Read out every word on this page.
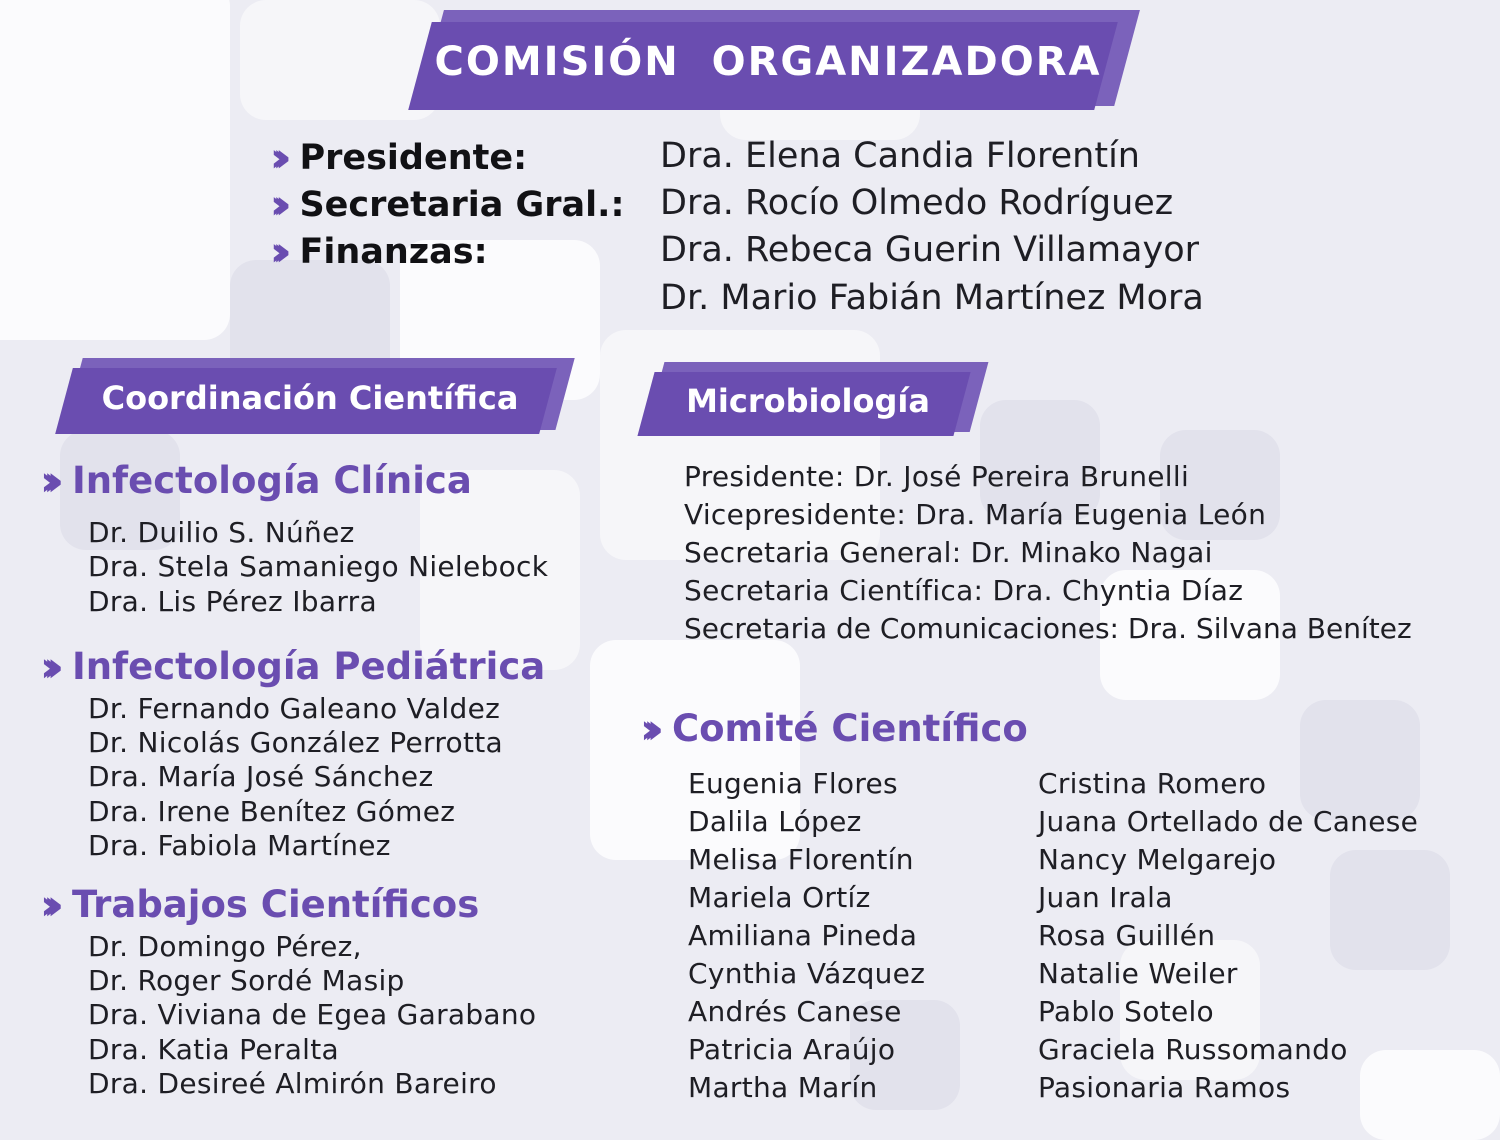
COMISIÓN  ORGANIZADORA
››› Presidente:	Dra. Elena Candia Florentín
››› Secretaria Gral.: Dra. Rocío Olmedo Rodríguez
››› Finanzas:	Dra. Rebeca Guerin Villamayor
Dr. Mario Fabián Martínez Mora
Coordinación Científica
››› Infectología Clínica
Dr. Duilio S. Núñez
Dra. Stela Samaniego Nielebock
Dra. Lis Pérez Ibarra
››› Infectología Pediátrica
Dr. Fernando Galeano Valdez
Dr. Nicolás González Perrotta
Dra. María José Sánchez
Dra. Irene Benítez Gómez
Dra. Fabiola Martínez
››› Trabajos Científicos
Dr. Domingo Pérez,
Dr. Roger Sordé Masip
Dra. Viviana de Egea Garabano
Dra. Katia Peralta
Dra. Desireé Almirón Bareiro
Microbiología
Presidente: Dr. José Pereira Brunelli
Vicepresidente: Dra. María Eugenia León
Secretaria General: Dr. Minako Nagai
Secretaria Científica: Dra. Chyntia Díaz
Secretaria de Comunicaciones: Dra. Silvana Benítez
››› Comité Científico
Eugenia Flores
Dalila López
Melisa Florentín
Mariela Ortíz
Amiliana Pineda
Cynthia Vázquez
Andrés Canese
Patricia Araújo
Martha Marín
Cristina Romero
Juana Ortellado de Canese
Nancy Melgarejo
Juan Irala
Rosa Guillén
Natalie Weiler
Pablo Sotelo
Graciela Russomando
Pasionaria Ramos
